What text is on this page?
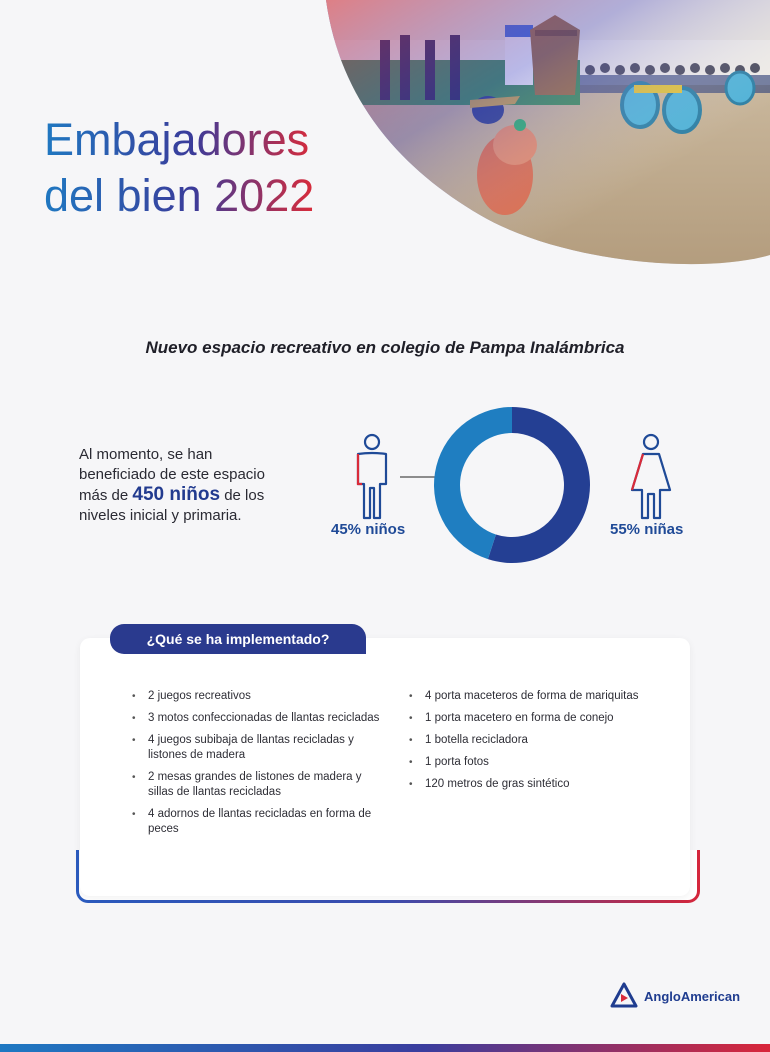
Embajadores
del bien 2022
Nuevo espacio recreativo en colegio de Pampa Inalámbrica
Al momento, se han beneficiado de este espacio más de 450 niños de los niveles inicial y primaria.
45% niños	55% niñas
¿Qué se ha implementado?
• 2 juegos recreativos
• 3 motos confeccionadas de llantas recicladas
• 4 juegos subibaja de llantas recicladas y listones de madera
• 2 mesas grandes de listones de madera y sillas de llantas recicladas
• 4 adornos de llantas recicladas en forma de peces
• 4 porta maceteros de forma de mariquitas
• 1 porta macetero en forma de conejo
• 1 botella recicladora
• 1 porta fotos
• 120 metros de gras sintético
AngloAmerican
